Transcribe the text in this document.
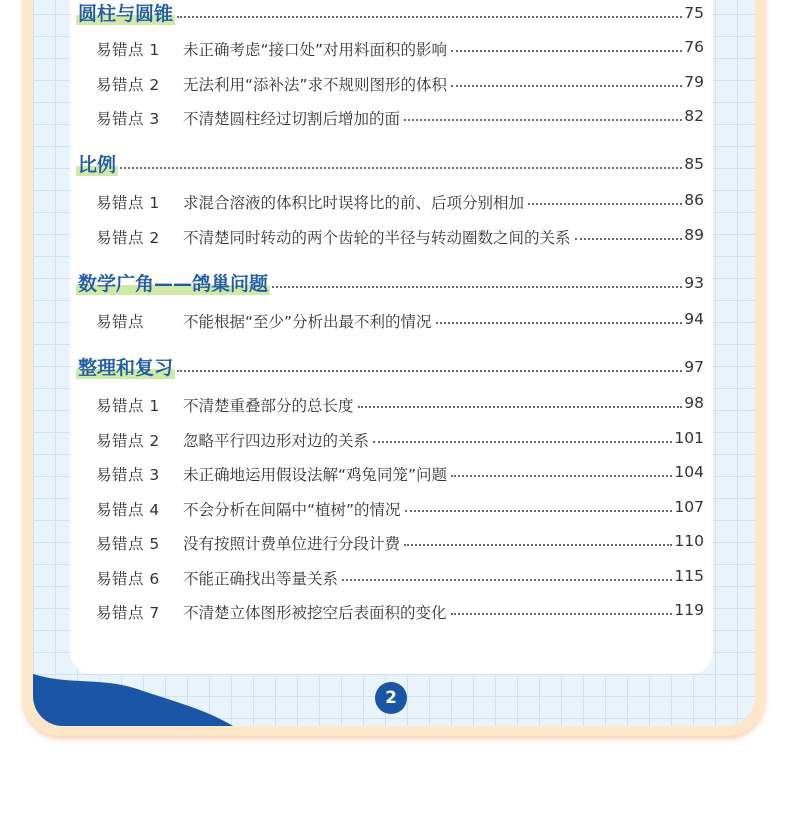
圆柱与圆锥	75
易错点 1 未正确考虑“接口处”对用料面积的影响	76
易错点 2 无法利用“添补法”求不规则图形的体积	79
易错点 3 不清楚圆柱经过切割后增加的面	82
比例	85
易错点 1 求混合溶液的体积比时误将比的前、后项分别相加	86
易错点 2 不清楚同时转动的两个齿轮的半径与转动圈数之间的关系	89
数学广角——鸽巢问题	93
易错点	不能根据“至少”分析出最不利的情况	94
整理和复习	97
易错点 1 不清楚重叠部分的总长度	98
易错点 2 忽略平行四边形对边的关系	101
易错点 3 未正确地运用假设法解“鸡兔同笼”问题	104
易错点 4 不会分析在间隔中“植树”的情况	107
易错点 5 没有按照计费单位进行分段计费	110
易错点 6 不能正确找出等量关系	115
易错点 7 不清楚立体图形被挖空后表面积的变化	119
2
